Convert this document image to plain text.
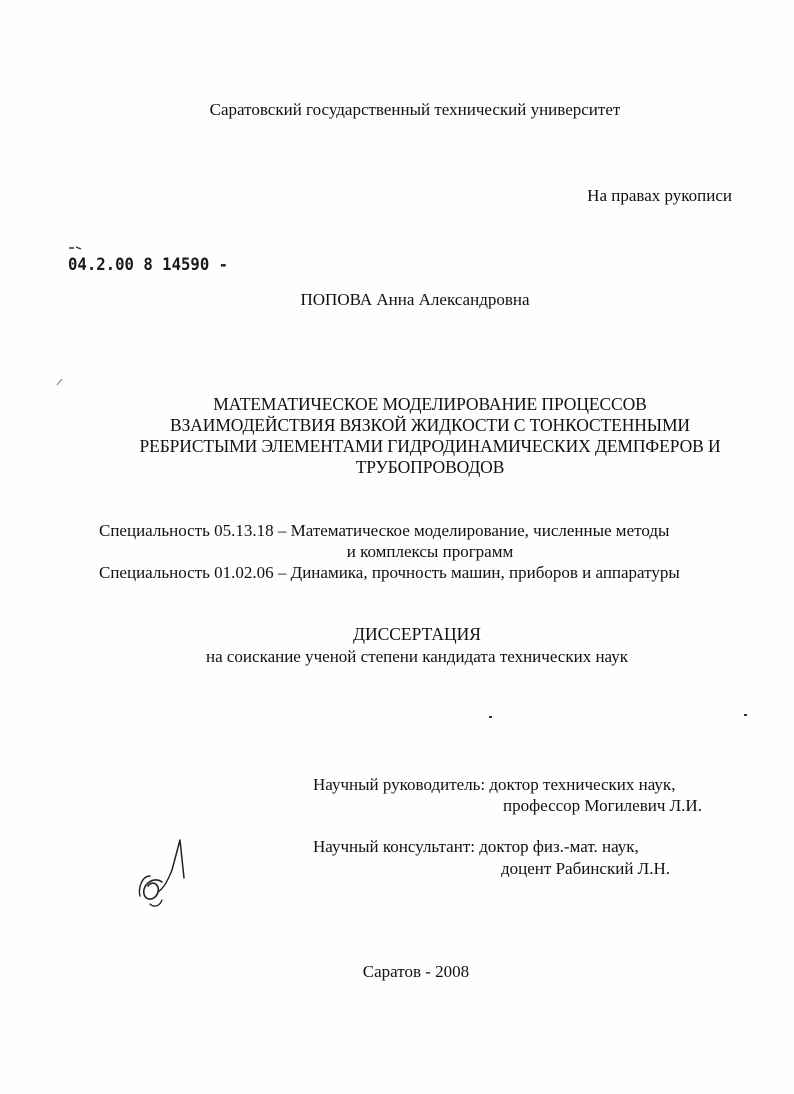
Саратовский государственный технический университет
На правах рукописи
04.2.00 8 14590 -
ПОПОВА Анна Александровна
МАТЕМАТИЧЕСКОЕ МОДЕЛИРОВАНИЕ ПРОЦЕССОВ
ВЗАИМОДЕЙСТВИЯ ВЯЗКОЙ ЖИДКОСТИ С ТОНКОСТЕННЫМИ
РЕБРИСТЫМИ ЭЛЕМЕНТАМИ ГИДРОДИНАМИЧЕСКИХ ДЕМПФЕРОВ И
ТРУБОПРОВОДОВ
Специальность 05.13.18 – Математическое моделирование, численные методы
и комплексы программ
Специальность 01.02.06 – Динамика, прочность машин, приборов и аппаратуры
ДИССЕРТАЦИЯ
на соискание ученой степени кандидата технических наук
Научный руководитель: доктор технических наук,
профессор Могилевич Л.И.
Научный консультант: доктор физ.-мат. наук,
доцент Рабинский Л.Н.
Саратов - 2008
